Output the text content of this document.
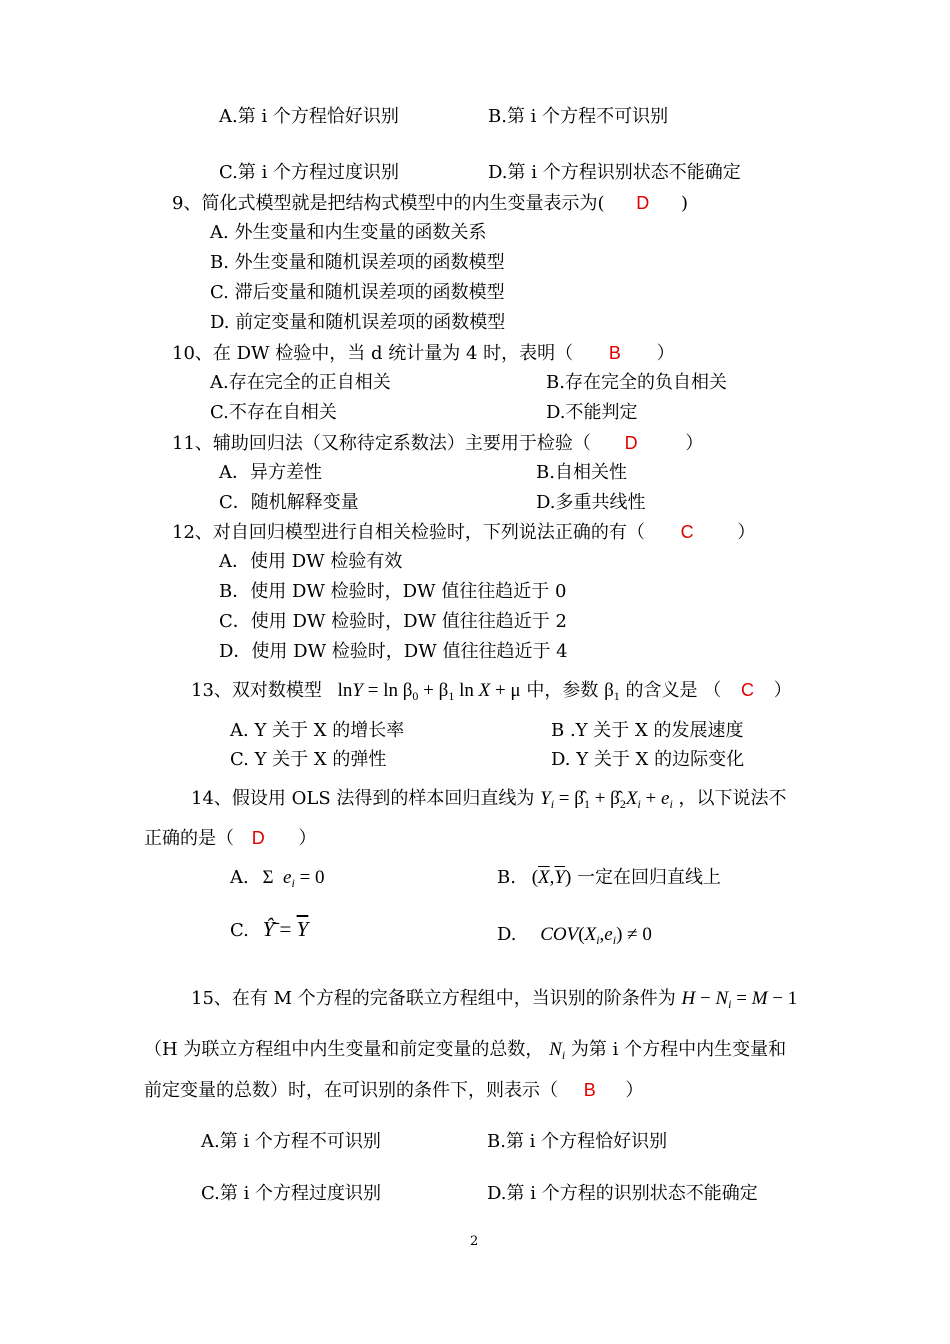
A.第 i 个方程恰好识别	B.第 i 个方程不可识别
C.第 i 个方程过度识别	D.第 i 个方程识别状态不能确定
9、简化式模型就是把结构式模型中的内生变量表示为( D )
A. 外生变量和内生变量的函数关系
B. 外生变量和随机误差项的函数模型
C. 滞后变量和随机误差项的函数模型
D. 前定变量和随机误差项的函数模型
10、在 DW 检验中，当 d 统计量为 4 时，表明（ B ）
A.存在完全的正自相关	B.存在完全的负自相关
C.不存在自相关	D.不能判定
11、辅助回归法（又称待定系数法）主要用于检验（ D	）
A．异方差性	B.自相关性
C．随机解释变量	D.多重共线性
12、对自回归模型进行自相关检验时，下列说法正确的有（ C ）
A．使用 DW 检验有效
B．使用 DW 检验时，DW 值往往趋近于 0
C．使用 DW 检验时，DW 值往往趋近于 2
D．使用 DW 检验时，DW 值往往趋近于 4
13、双对数模型 $\ln Y = \ln \beta_0 + \beta_1$ ln X + μ 中，参数 $\beta_1$ 的含义是 （ C ）
A. Y 关于 X 的增长率	B .Y 关于 X 的发展速度
C. Y 关于 X 的弹性	D. Y 关于 X 的边际变化
14、假设用 OLS 法得到的样本回归直线为 $Y_i$ = $\betâ_1$ + $\betâ_2X_i + e_i$ ，以下说法不
正确的是（ D ）
A. Σ  $e_i = 0$	B. $(\overline{X},\overline{Y})$ 一定在回归直线上
C. Ŷ̄ = $\overline{Y}$	D. $COV(X_i,e_i) \ne 0$
15、在有 M 个方程的完备联立方程组中，当识别的阶条件为 $H - N_i = M - 1$
（H 为联立方程组中内生变量和前定变量的总数， $N_i$ 为第 i 个方程中内生变量和
前定变量的总数）时，在可识别的条件下，则表示（ B ）
A.第 i 个方程不可识别	B.第 i 个方程恰好识别
C.第 i 个方程过度识别	D.第 i 个方程的识别状态不能确定
2
